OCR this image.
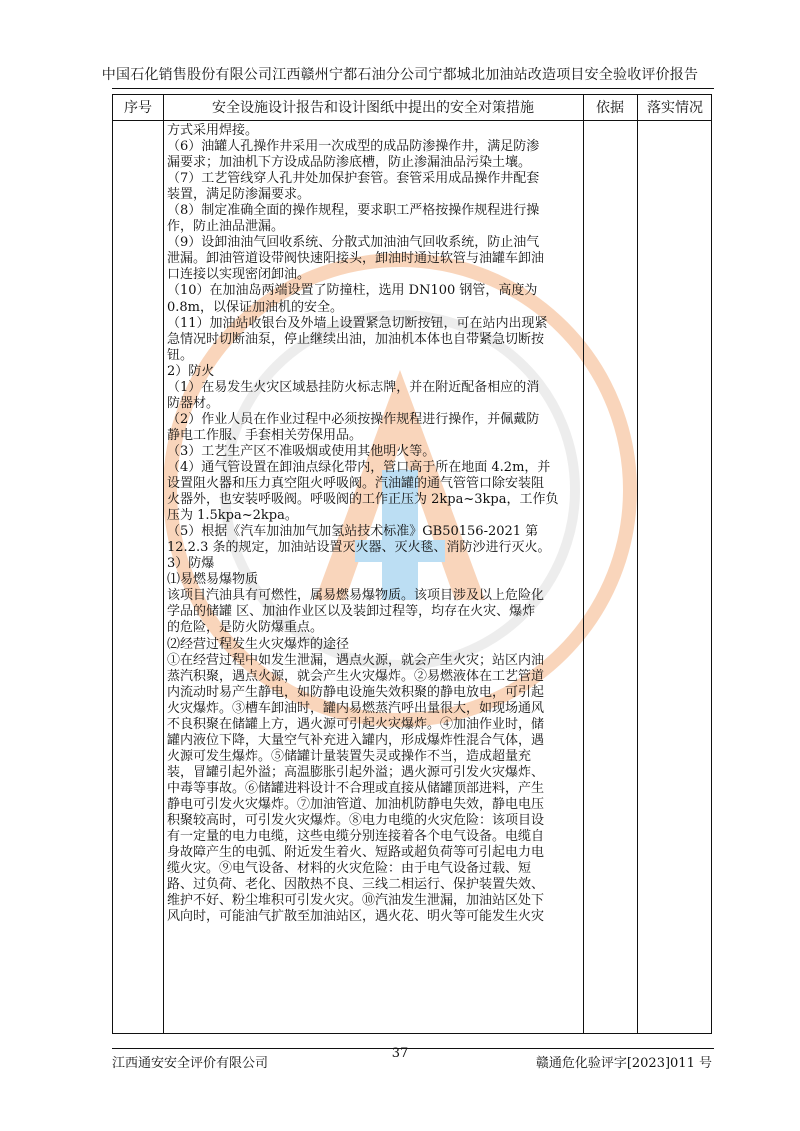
中国石化销售股份有限公司江西赣州宁都石油分公司宁都城北加油站改造项目安全验收评价报告
序号	安全设施设计报告和设计图纸中提出的安全对策措施	依据	落实情况

方式采用焊接。

（6）油罐人孔操作井采用一次成型的成品防渗操作井，满足防渗

漏要求；加油机下方设成品防渗底槽，防止渗漏油品污染土壤。

（7）工艺管线穿人孔井处加保护套管。套管采用成品操作井配套

装置，满足防渗漏要求。

（8）制定准确全面的操作规程，要求职工严格按操作规程进行操

作，防止油品泄漏。

（9）设卸油油气回收系统、分散式加油油气回收系统，防止油气

泄漏。卸油管道设带阀快速阳接头，卸油时通过软管与油罐车卸油

口连接以实现密闭卸油。

（10）在加油岛两端设置了防撞柱，选用 DN100 钢管，高度为

0.8m，以保证加油机的安全。

（11）加油站收银台及外墙上设置紧急切断按钮，可在站内出现紧

急情况时切断油泵，停止继续出油，加油机本体也自带紧急切断按

钮。

2）防火

（1）在易发生火灾区域悬挂防火标志牌，并在附近配备相应的消

防器材。

（2）作业人员在作业过程中必须按操作规程进行操作，并佩戴防

静电工作服、手套相关劳保用品。

（3）工艺生产区不准吸烟或使用其他明火等。

（4）通气管设置在卸油点绿化带内，管口高于所在地面 4.2m，并

设置阻火器和压力真空阻火呼吸阀。汽油罐的通气管管口除安装阻

火器外，也安装呼吸阀。呼吸阀的工作正压为 2kpa~3kpa，工作负

压为 1.5kpa~2kpa。

（5）根据《汽车加油加气加氢站技术标准》GB50156-2021 第

12.2.3 条的规定，加油站设置灭火器、灭火毯、消防沙进行灭火。

3）防爆

⑴易燃易爆物质

该项目汽油具有可燃性，属易燃易爆物质。该项目涉及以上危险化

学品的储罐 区、加油作业区以及装卸过程等，均存在火灾、爆炸

的危险，是防火防爆重点。

⑵经营过程发生火灾爆炸的途径

①在经营过程中如发生泄漏，遇点火源，就会产生火灾；站区内油

蒸汽积聚，遇点火源，就会产生火灾爆炸。②易燃液体在工艺管道

内流动时易产生静电，如防静电设施失效积聚的静电放电，可引起

火灾爆炸。③槽车卸油时，罐内易燃蒸汽呼出量很大，如现场通风

不良积聚在储罐上方，遇火源可引起火灾爆炸。④加油作业时，储

罐内液位下降，大量空气补充进入罐内，形成爆炸性混合气体，遇

火源可发生爆炸。⑤储罐计量装置失灵或操作不当，造成超量充

装，冒罐引起外溢；高温膨胀引起外溢；遇火源可引发火灾爆炸、

中毒等事故。⑥储罐进料设计不合理或直接从储罐顶部进料，产生

静电可引发火灾爆炸。⑦加油管道、加油机防静电失效，静电电压

积聚较高时，可引发火灾爆炸。⑧电力电缆的火灾危险：该项目设

有一定量的电力电缆，这些电缆分别连接着各个电气设备。电缆自

身故障产生的电弧、附近发生着火、短路或超负荷等可引起电力电

缆火灾。⑨电气设备、材料的火灾危险：由于电气设备过载、短

路、过负荷、老化、因散热不良、三线二相运行、保护装置失效、

维护不好、粉尘堆积可引发火灾。⑩汽油发生泄漏，加油站区处下

风向时，可能油气扩散至加油站区，遇火花、明火等可能发生火灾

江西通安安全评价有限公司
37
赣通危化验评字[2023]011 号
